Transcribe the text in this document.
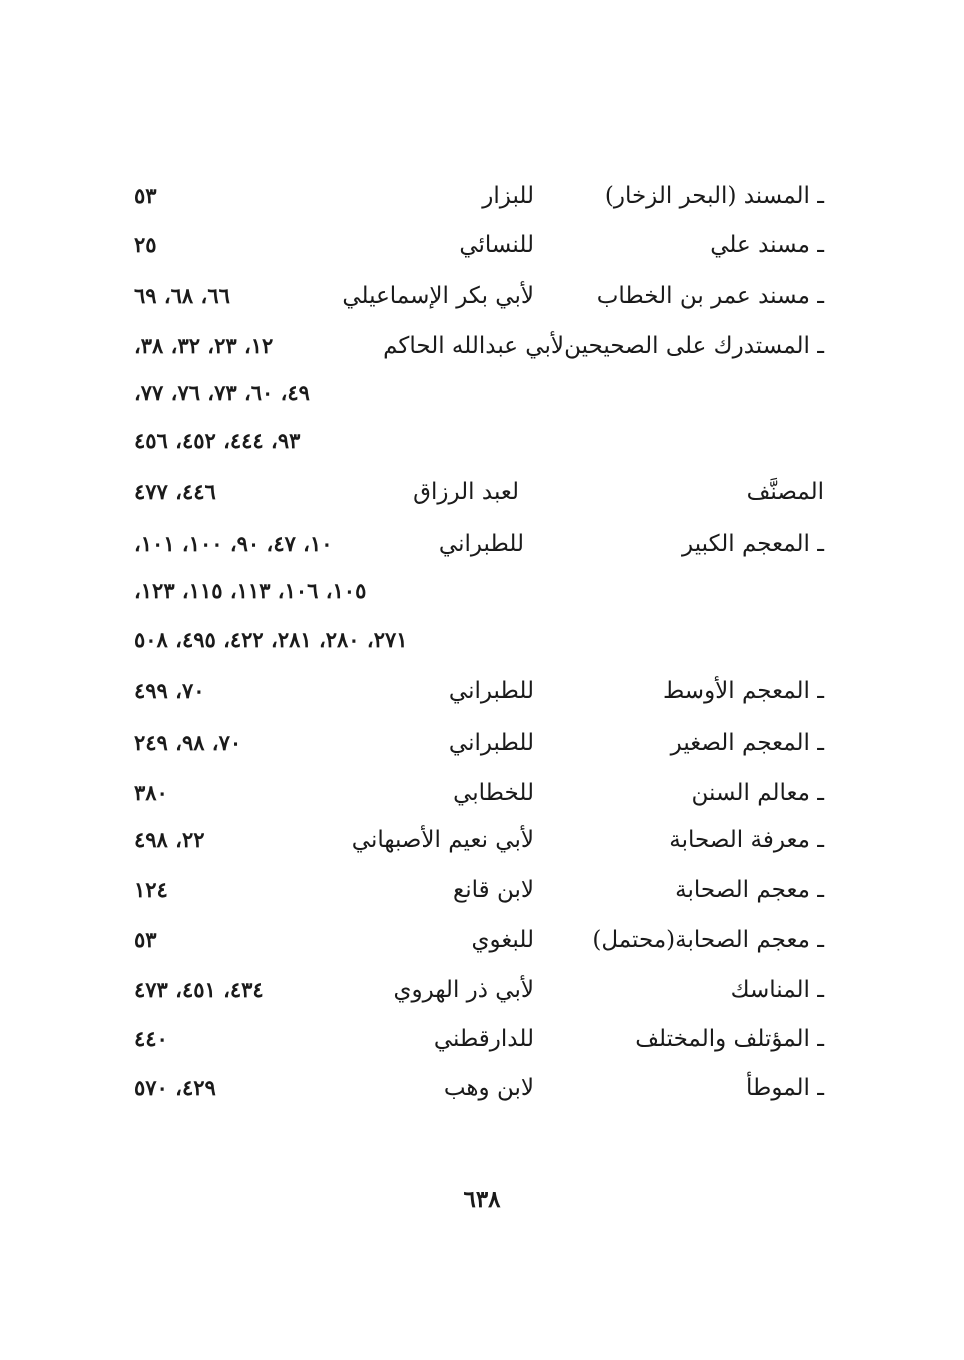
ـ المسند (البحر الزخار)
للبزار
٥٣
ـ مسند علي
للنسائي
٢٥
ـ مسند عمر بن الخطاب
لأبي بكر الإسماعيلي
٦٦، ٦٨، ٦٩
ـ المستدرك على الصحيحين
لأبي عبدالله الحاكم
١٢، ٢٣، ٣٢، ٣٨،
٤٩، ٦٠، ٧٣، ٧٦، ٧٧،
٩٣، ٤٤٤، ٤٥٢، ٤٥٦
المصنَّف
لعبد الرزاق
٤٤٦، ٤٧٧
ـ المعجم الكبير
للطبراني
١٠، ٤٧، ٩٠، ١٠٠، ١٠١،
١٠٥، ١٠٦، ١١٣، ١١٥، ١٢٣،
٢٧١، ٢٨٠، ٢٨١، ٤٢٢، ٤٩٥، ٥٠٨
ـ المعجم الأوسط
للطبراني
٧٠، ٤٩٩
ـ المعجم الصغير
للطبراني
٧٠، ٩٨، ٢٤٩
ـ معالم السنن
للخطابي
٣٨٠
ـ معرفة الصحابة
لأبي نعيم الأصبهاني
٢٢، ٤٩٨
ـ معجم الصحابة
لابن قانع
١٢٤
ـ معجم الصحابة(محتمل)
للبغوي
٥٣
ـ المناسك
لأبي ذر الهروي
٤٣٤، ٤٥١، ٤٧٣
ـ المؤتلف والمختلف
للدارقطني
٤٤٠
ـ الموطأ
لابن وهب
٤٢٩، ٥٧٠
٦٣٨
